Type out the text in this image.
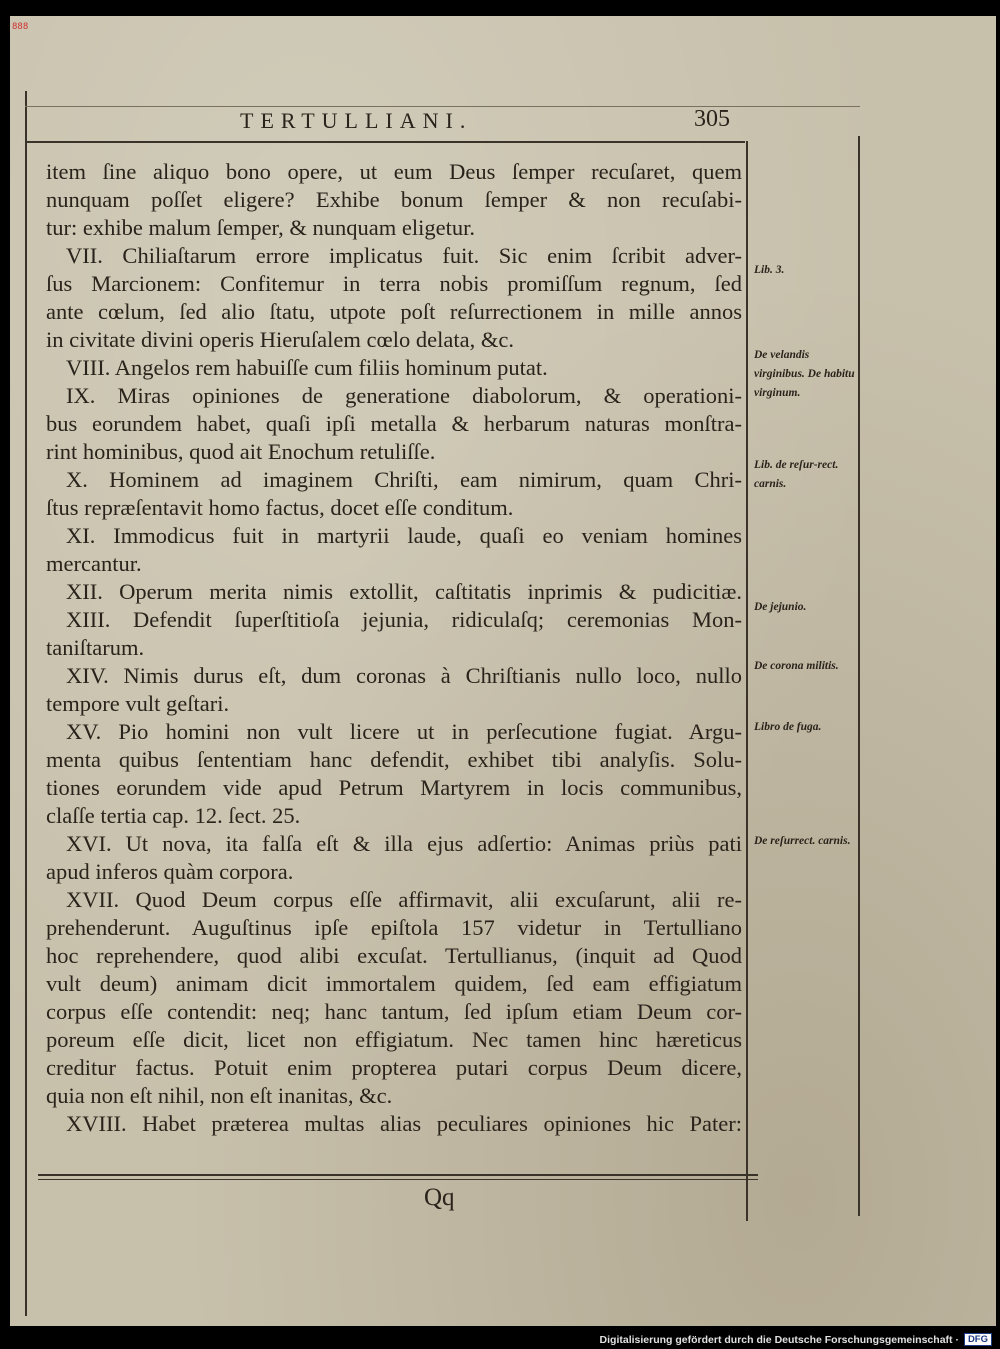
888
TERTULLIANI.	305
item ſine aliquo bono opere, ut eum Deus ſemper recuſaret, quem
nunquam poſſet eligere? Exhibe bonum ſemper & non recuſabi-
tur: exhibe malum ſemper, & nunquam eligetur.
VII. Chiliaſtarum errore implicatus fuit. Sic enim ſcribit adver-
ſus Marcionem: Confitemur in terra nobis promiſſum regnum, ſed
ante cœlum, ſed alio ſtatu, utpote poſt reſurrectionem in mille annos
in civitate divini operis Hieruſalem cœlo delata, &c.
VIII. Angelos rem habuiſſe cum filiis hominum putat.
IX. Miras opiniones de generatione diabolorum, & operationi-
bus eorundem habet, quaſi ipſi metalla & herbarum naturas monſtra-
rint hominibus, quod ait Enochum retuliſſe.
X. Hominem ad imaginem Chriſti, eam nimirum, quam Chri-
ſtus repræſentavit homo factus, docet eſſe conditum.
XI. Immodicus fuit in martyrii laude, quaſi eo veniam homines
mercantur.
XII. Operum merita nimis extollit, caſtitatis inprimis & pudicitiæ.
XIII. Defendit ſuperſtitioſa jejunia, ridiculaſq; ceremonias Mon-
taniſtarum.
XIV. Nimis durus eſt, dum coronas à Chriſtianis nullo loco, nullo
tempore vult geſtari.
XV. Pio homini non vult licere ut in perſecutione fugiat. Argu-
menta quibus ſententiam hanc defendit, exhibet tibi analyſis. Solu-
tiones eorundem vide apud Petrum Martyrem in locis communibus,
claſſe tertia cap. 12. ſect. 25.
XVI. Ut nova, ita falſa eſt & illa ejus adſertio: Animas priùs pati
apud inferos quàm corpora.
XVII. Quod Deum corpus eſſe affirmavit, alii excuſarunt, alii re-
prehenderunt. Auguſtinus ipſe epiſtola 157 videtur in Tertulliano
hoc reprehendere, quod alibi excuſat. Tertullianus, (inquit ad Quod
vult deum) animam dicit immortalem quidem, ſed eam effigiatum
corpus eſſe contendit: neq; hanc tantum, ſed ipſum etiam Deum cor-
poreum eſſe dicit, licet non effigiatum. Nec tamen hinc hæreticus
creditur factus. Potuit enim propterea putari corpus Deum dicere,
quia non eſt nihil, non eſt inanitas, &c.
XVIII. Habet præterea multas alias peculiares opiniones hic Pater:
Lib. 3.
De velandis virginibus. De habitu virginum.
Lib. de reſur-rect. carnis.
De jejunio.
De corona militis.
Libro de fuga.
De reſurrect. carnis.
Qq
Digitalisierung gefördert durch die Deutsche Forschungsgemeinschaft · DFG
